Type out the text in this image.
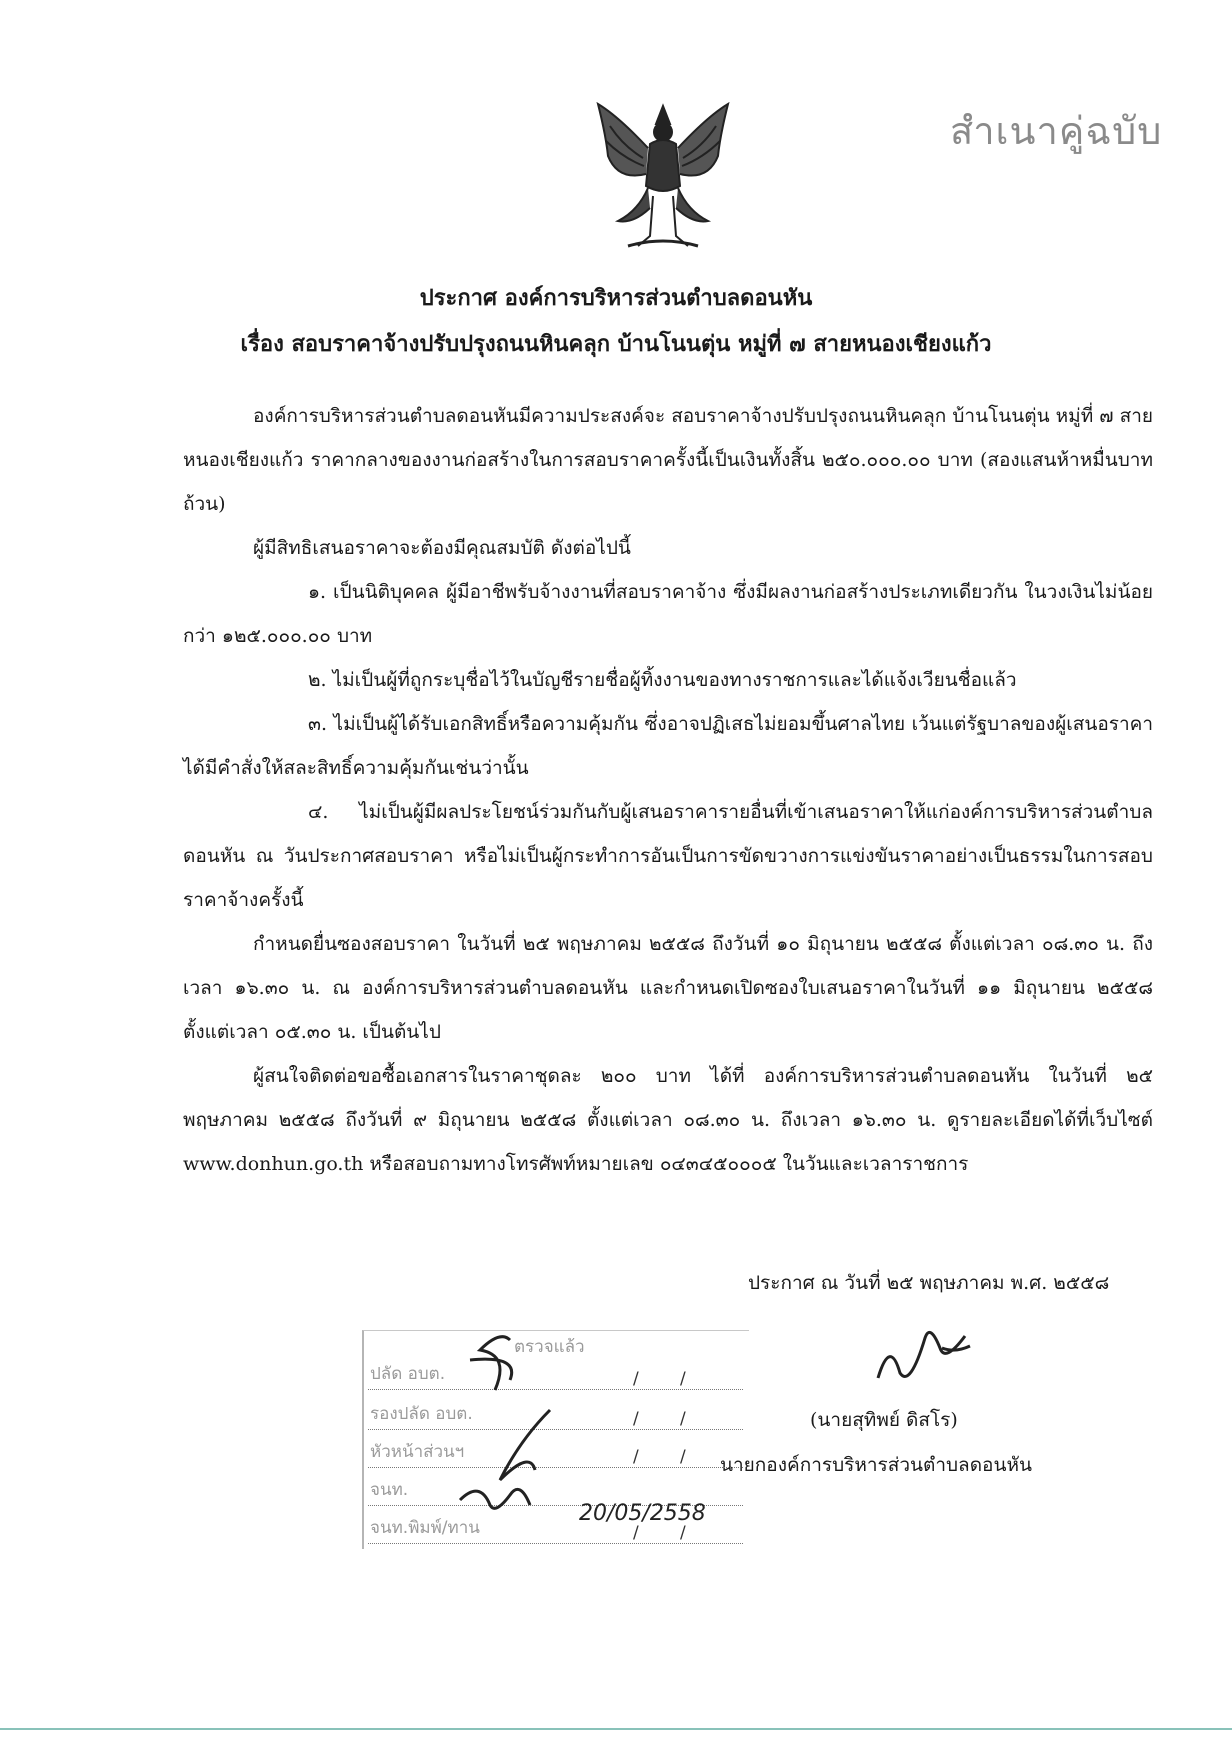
สำเนาคู่ฉบับ
ประกาศ องค์การบริหารส่วนตำบลดอนหัน
เรื่อง สอบราคาจ้างปรับปรุงถนนหินคลุก บ้านโนนตุ่น หมู่ที่ ๗ สายหนองเชียงแก้ว

องค์การบริหารส่วนตำบลดอนหันมีความประสงค์จะ สอบราคาจ้างปรับปรุงถนนหินคลุก บ้านโนนตุ่น หมู่ที่ ๗ สายหนองเชียงแก้ว ราคากลางของงานก่อสร้างในการสอบราคาครั้งนี้เป็นเงินทั้งสิ้น ๒๕๐.๐๐๐.๐๐ บาท (สองแสนห้าหมื่นบาทถ้วน)

ผู้มีสิทธิเสนอราคาจะต้องมีคุณสมบัติ ดังต่อไปนี้

๑. เป็นนิติบุคคล ผู้มีอาชีพรับจ้างงานที่สอบราคาจ้าง ซึ่งมีผลงานก่อสร้างประเภทเดียวกัน ในวงเงินไม่น้อยกว่า ๑๒๕.๐๐๐.๐๐ บาท

๒. ไม่เป็นผู้ที่ถูกระบุชื่อไว้ในบัญชีรายชื่อผู้ทิ้งงานของทางราชการและได้แจ้งเวียนชื่อแล้ว

๓. ไม่เป็นผู้ได้รับเอกสิทธิ์หรือความคุ้มกัน ซึ่งอาจปฏิเสธไม่ยอมขึ้นศาลไทย เว้นแต่รัฐบาลของผู้เสนอราคาได้มีคำสั่งให้สละสิทธิ์ความคุ้มกันเช่นว่านั้น

๔. ไม่เป็นผู้มีผลประโยชน์ร่วมกันกับผู้เสนอราคารายอื่นที่เข้าเสนอราคาให้แก่องค์การบริหารส่วนตำบลดอนหัน ณ วันประกาศสอบราคา หรือไม่เป็นผู้กระทำการอันเป็นการขัดขวางการแข่งขันราคาอย่างเป็นธรรมในการสอบราคาจ้างครั้งนี้

กำหนดยื่นซองสอบราคา ในวันที่ ๒๕ พฤษภาคม ๒๕๕๘ ถึงวันที่ ๑๐ มิถุนายน ๒๕๕๘ ตั้งแต่เวลา ๐๘.๓๐ น. ถึงเวลา ๑๖.๓๐ น. ณ องค์การบริหารส่วนตำบลดอนหัน และกำหนดเปิดซองใบเสนอราคาในวันที่ ๑๑ มิถุนายน ๒๕๕๘ ตั้งแต่เวลา ๐๕.๓๐ น. เป็นต้นไป

ผู้สนใจติดต่อขอซื้อเอกสารในราคาชุดละ ๒๐๐ บาท ได้ที่ องค์การบริหารส่วนตำบลดอนหัน ในวันที่ ๒๕ พฤษภาคม ๒๕๕๘ ถึงวันที่ ๙ มิถุนายน ๒๕๕๘ ตั้งแต่เวลา ๐๘.๓๐ น. ถึงเวลา ๑๖.๓๐ น. ดูรายละเอียดได้ที่เว็บไซต์ www.donhun.go.th หรือสอบถามทางโทรศัพท์หมายเลข ๐๔๓๔๕๐๐๐๕ ในวันและเวลาราชการ

ประกาศ ณ วันที่ ๒๕ พฤษภาคม พ.ศ. ๒๕๕๘
(นายสุทิพย์ ดิสโร)
นายกองค์การบริหารส่วนตำบลดอนหัน
ตรวจแล้ว
ปลัด อบต.	/ /
รองปลัด อบต.	/ /
หัวหน้าส่วนฯ	/ /
จนท.
จนท.พิมพ์/ทาน	/ /
20/05/2558
